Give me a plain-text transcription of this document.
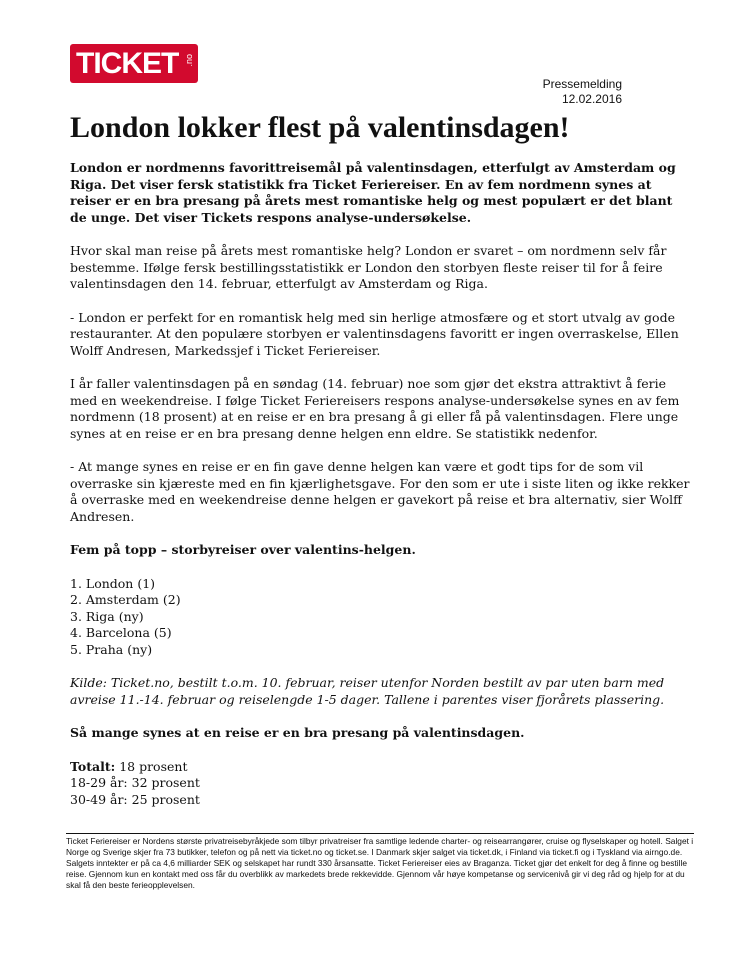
TICKET .no
Pressemelding
12.02.2016
London lokker flest på valentinsdagen!

London er nordmenns favorittreisemål på valentinsdagen, etterfulgt av Amsterdam og Riga. Det viser fersk statistikk fra Ticket Feriereiser. En av fem nordmenn synes at reiser er en bra presang på årets mest romantiske helg og mest populært er det blant de unge. Det viser Tickets respons analyse-undersøkelse.

Hvor skal man reise på årets mest romantiske helg? London er svaret – om nordmenn selv får bestemme. Ifølge fersk bestillingsstatistikk er London den storbyen fleste reiser til for å feire valentinsdagen den 14. februar, etterfulgt av Amsterdam og Riga.

- London er perfekt for en romantisk helg med sin herlige atmosfære og et stort utvalg av gode restauranter. At den populære storbyen er valentinsdagens favoritt er ingen overraskelse, Ellen Wolff Andresen, Markedssjef i Ticket Feriereiser.

I år faller valentinsdagen på en søndag (14. februar) noe som gjør det ekstra attraktivt å ferie med en weekendreise. I følge Ticket Feriereisers respons analyse-undersøkelse synes en av fem nordmenn (18 prosent) at en reise er en bra presang å gi eller få på valentinsdagen. Flere unge synes at en reise er en bra presang denne helgen enn eldre. Se statistikk nedenfor.

- At mange synes en reise er en fin gave denne helgen kan være et godt tips for de som vil overraske sin kjæreste med en fin kjærlighetsgave. For den som er ute i siste liten og ikke rekker å overraske med en weekendreise denne helgen er gavekort på reise et bra alternativ, sier Wolff Andresen.

Fem på topp – storbyreiser over valentins-helgen.

1. London (1)
2. Amsterdam (2)
3. Riga (ny)
4. Barcelona (5)
5. Praha (ny)

Kilde: Ticket.no, bestilt t.o.m. 10. februar, reiser utenfor Norden bestilt av par uten barn med avreise 11.-14. februar og reiselengde 1-5 dager. Tallene i parentes viser fjorårets plassering.

Så mange synes at en reise er en bra presang på valentinsdagen.

Totalt: 18 prosent
18-29 år: 32 prosent
30-49 år: 25 prosent
Ticket Feriereiser er Nordens største privatreisebyråkjede som tilbyr privatreiser fra samtlige ledende charter- og reisearrangører, cruise og flyselskaper og hotell. Salget i Norge og Sverige skjer fra 73 butikker, telefon og på nett via ticket.no og ticket.se. I Danmark skjer salget via ticket.dk, i Finland via ticket.fi og i Tyskland via airngo.de. Salgets inntekter er på ca 4,6 milliarder SEK og selskapet har rundt 330 årsansatte. Ticket Feriereiser eies av Braganza. Ticket gjør det enkelt for deg å finne og bestille reise. Gjennom kun en kontakt med oss får du overblikk av markedets brede rekkevidde. Gjennom vår høye kompetanse og servicenivå gir vi deg råd og hjelp for at du skal få den beste ferieopplevelsen.
